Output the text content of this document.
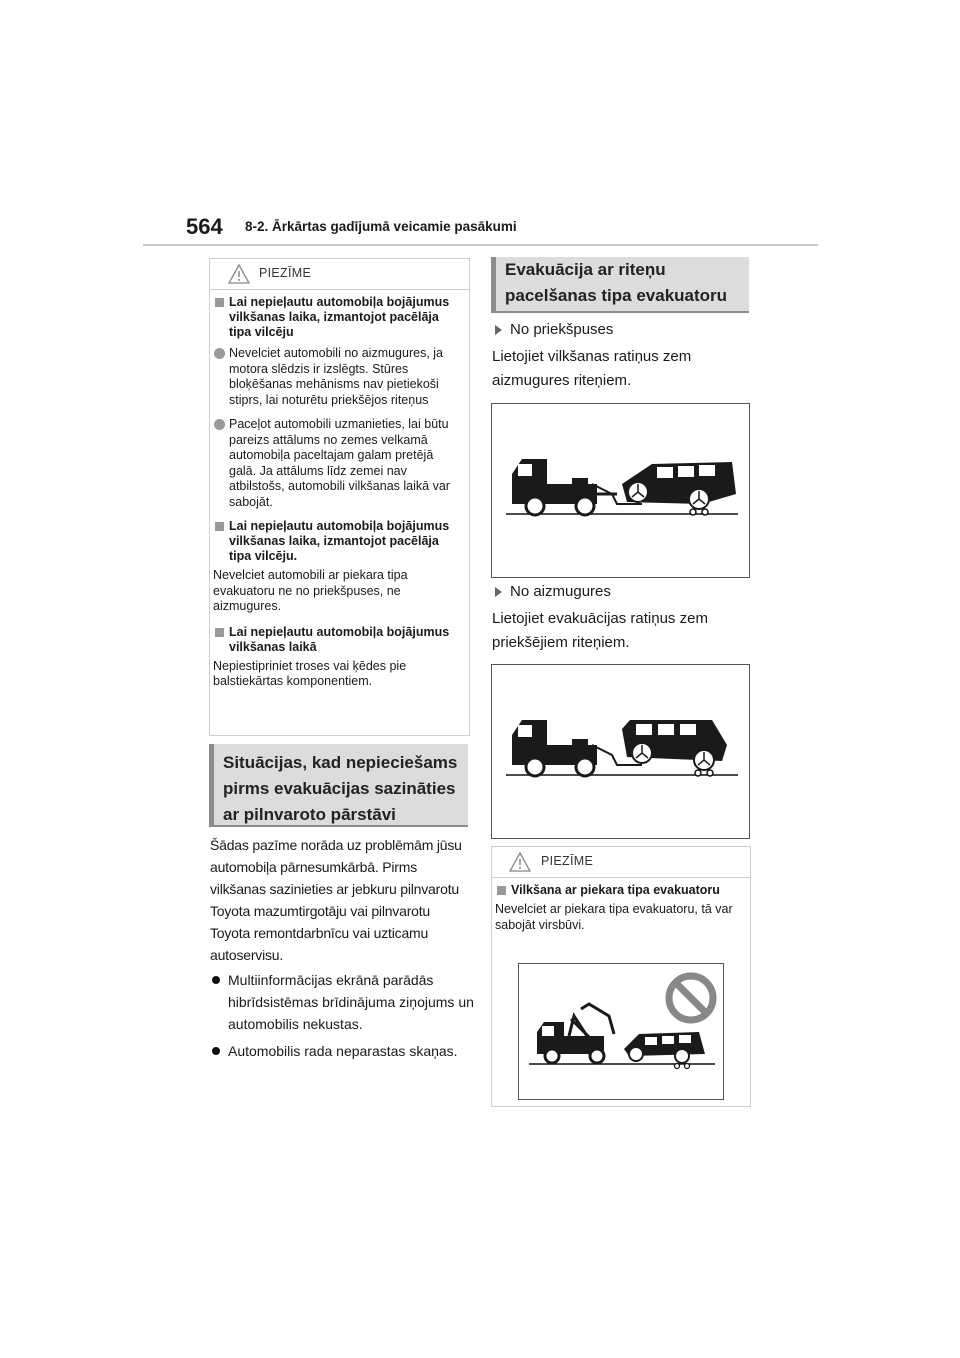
564 8-2. Ārkārtas gadījumā veicamie pasākumi
PIEZĪME
Lai nepieļautu automobiļa bojājumus vilkšanas laika, izmantojot pacēlāja tipa vilcēju
Nevelciet automobili no aizmugures, ja motora slēdzis ir izslēgts. Stūres bloķēšanas mehānisms nav pietiekoši stiprs, lai noturētu priekšējos riteņus
Paceļot automobili uzmanieties, lai būtu pareizs attālums no zemes velkamā automobiļa paceltajam galam pretējā galā. Ja attālums līdz zemei nav atbilstošs, automobili vilkšanas laikā var sabojāt.
Lai nepieļautu automobiļa bojājumus vilkšanas laika, izmantojot pacēlāja tipa vilcēju.
Nevelciet automobili ar piekara tipa evakuatoru ne no priekšpuses, ne aizmugures.
Lai nepieļautu automobiļa bojājumus vilkšanas laikā
Nepiestipriniet troses vai ķēdes pie balstiekārtas komponentiem.
Situācijas, kad nepieciešams pirms evakuācijas sazināties ar pilnvaroto pārstāvi
Šādas pazīme norāda uz problēmām jūsu automobiļa pārnesumkārbā. Pirms vilkšanas sazinieties ar jebkuru pilnvarotu Toyota mazumtirgotāju vai pilnvarotu Toyota remontdarbnīcu vai uzticamu autoservisu.
Multiinformācijas ekrānā parādās hibrīdsistēmas brīdinājuma ziņojums un automobilis nekustas.
Automobilis rada neparastas skaņas.
Evakuācija ar riteņu pacelšanas tipa evakuatoru
No priekšpuses
Lietojiet vilkšanas ratiņus zem aizmugures riteņiem.
No aizmugures
Lietojiet evakuācijas ratiņus zem priekšējiem riteņiem.
PIEZĪME
Vilkšana ar piekara tipa evakuatoru
Nevelciet ar piekara tipa evakuatoru, tā var sabojāt virsbūvi.
